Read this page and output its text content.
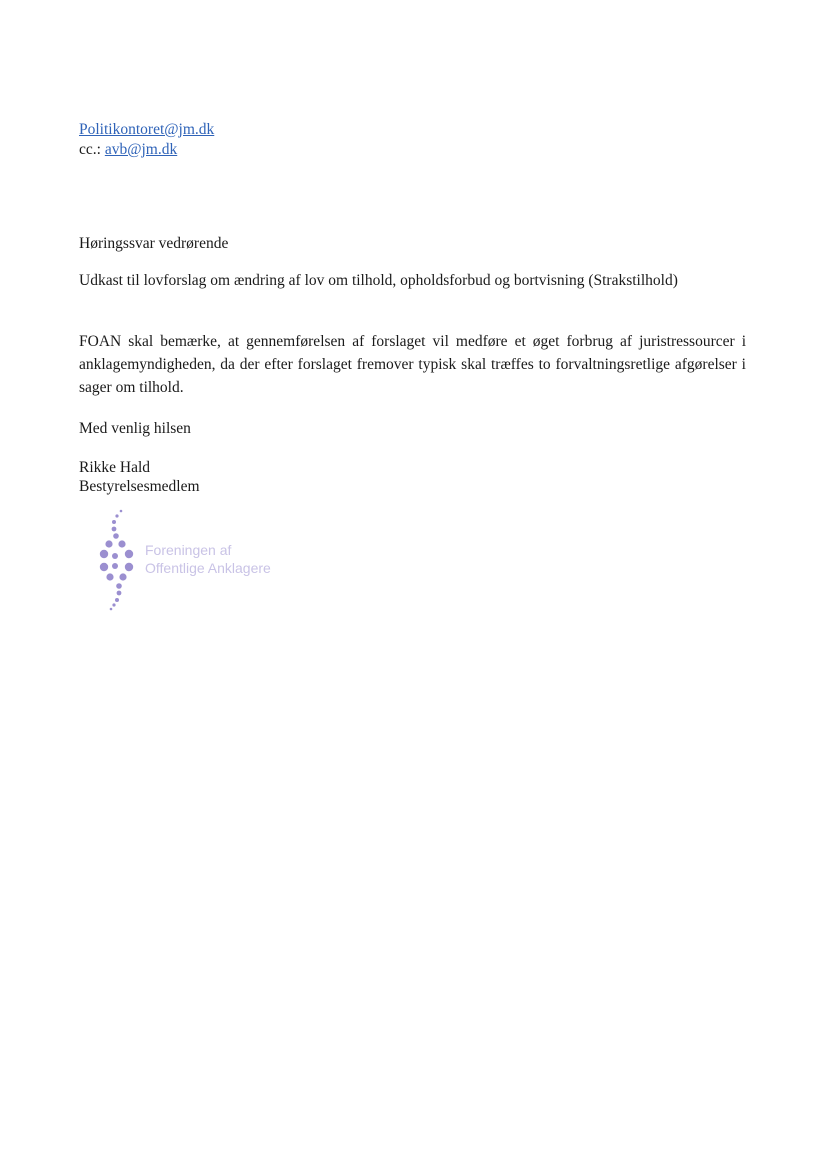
Politikontoret@jm.dk
cc.: avb@jm.dk
Høringssvar vedrørende
Udkast til lovforslag om ændring af lov om tilhold, opholdsforbud og bortvisning (Strakstilhold)
FOAN skal bemærke, at gennemførelsen af forslaget vil medføre et øget forbrug af juristressourcer i anklagemyndigheden, da der efter forslaget fremover typisk skal træffes to forvaltningsretlige afgørelser i sager om tilhold.
Med venlig hilsen
Rikke Hald
Bestyrelsesmedlem
Foreningen af
Offentlige Anklagere
